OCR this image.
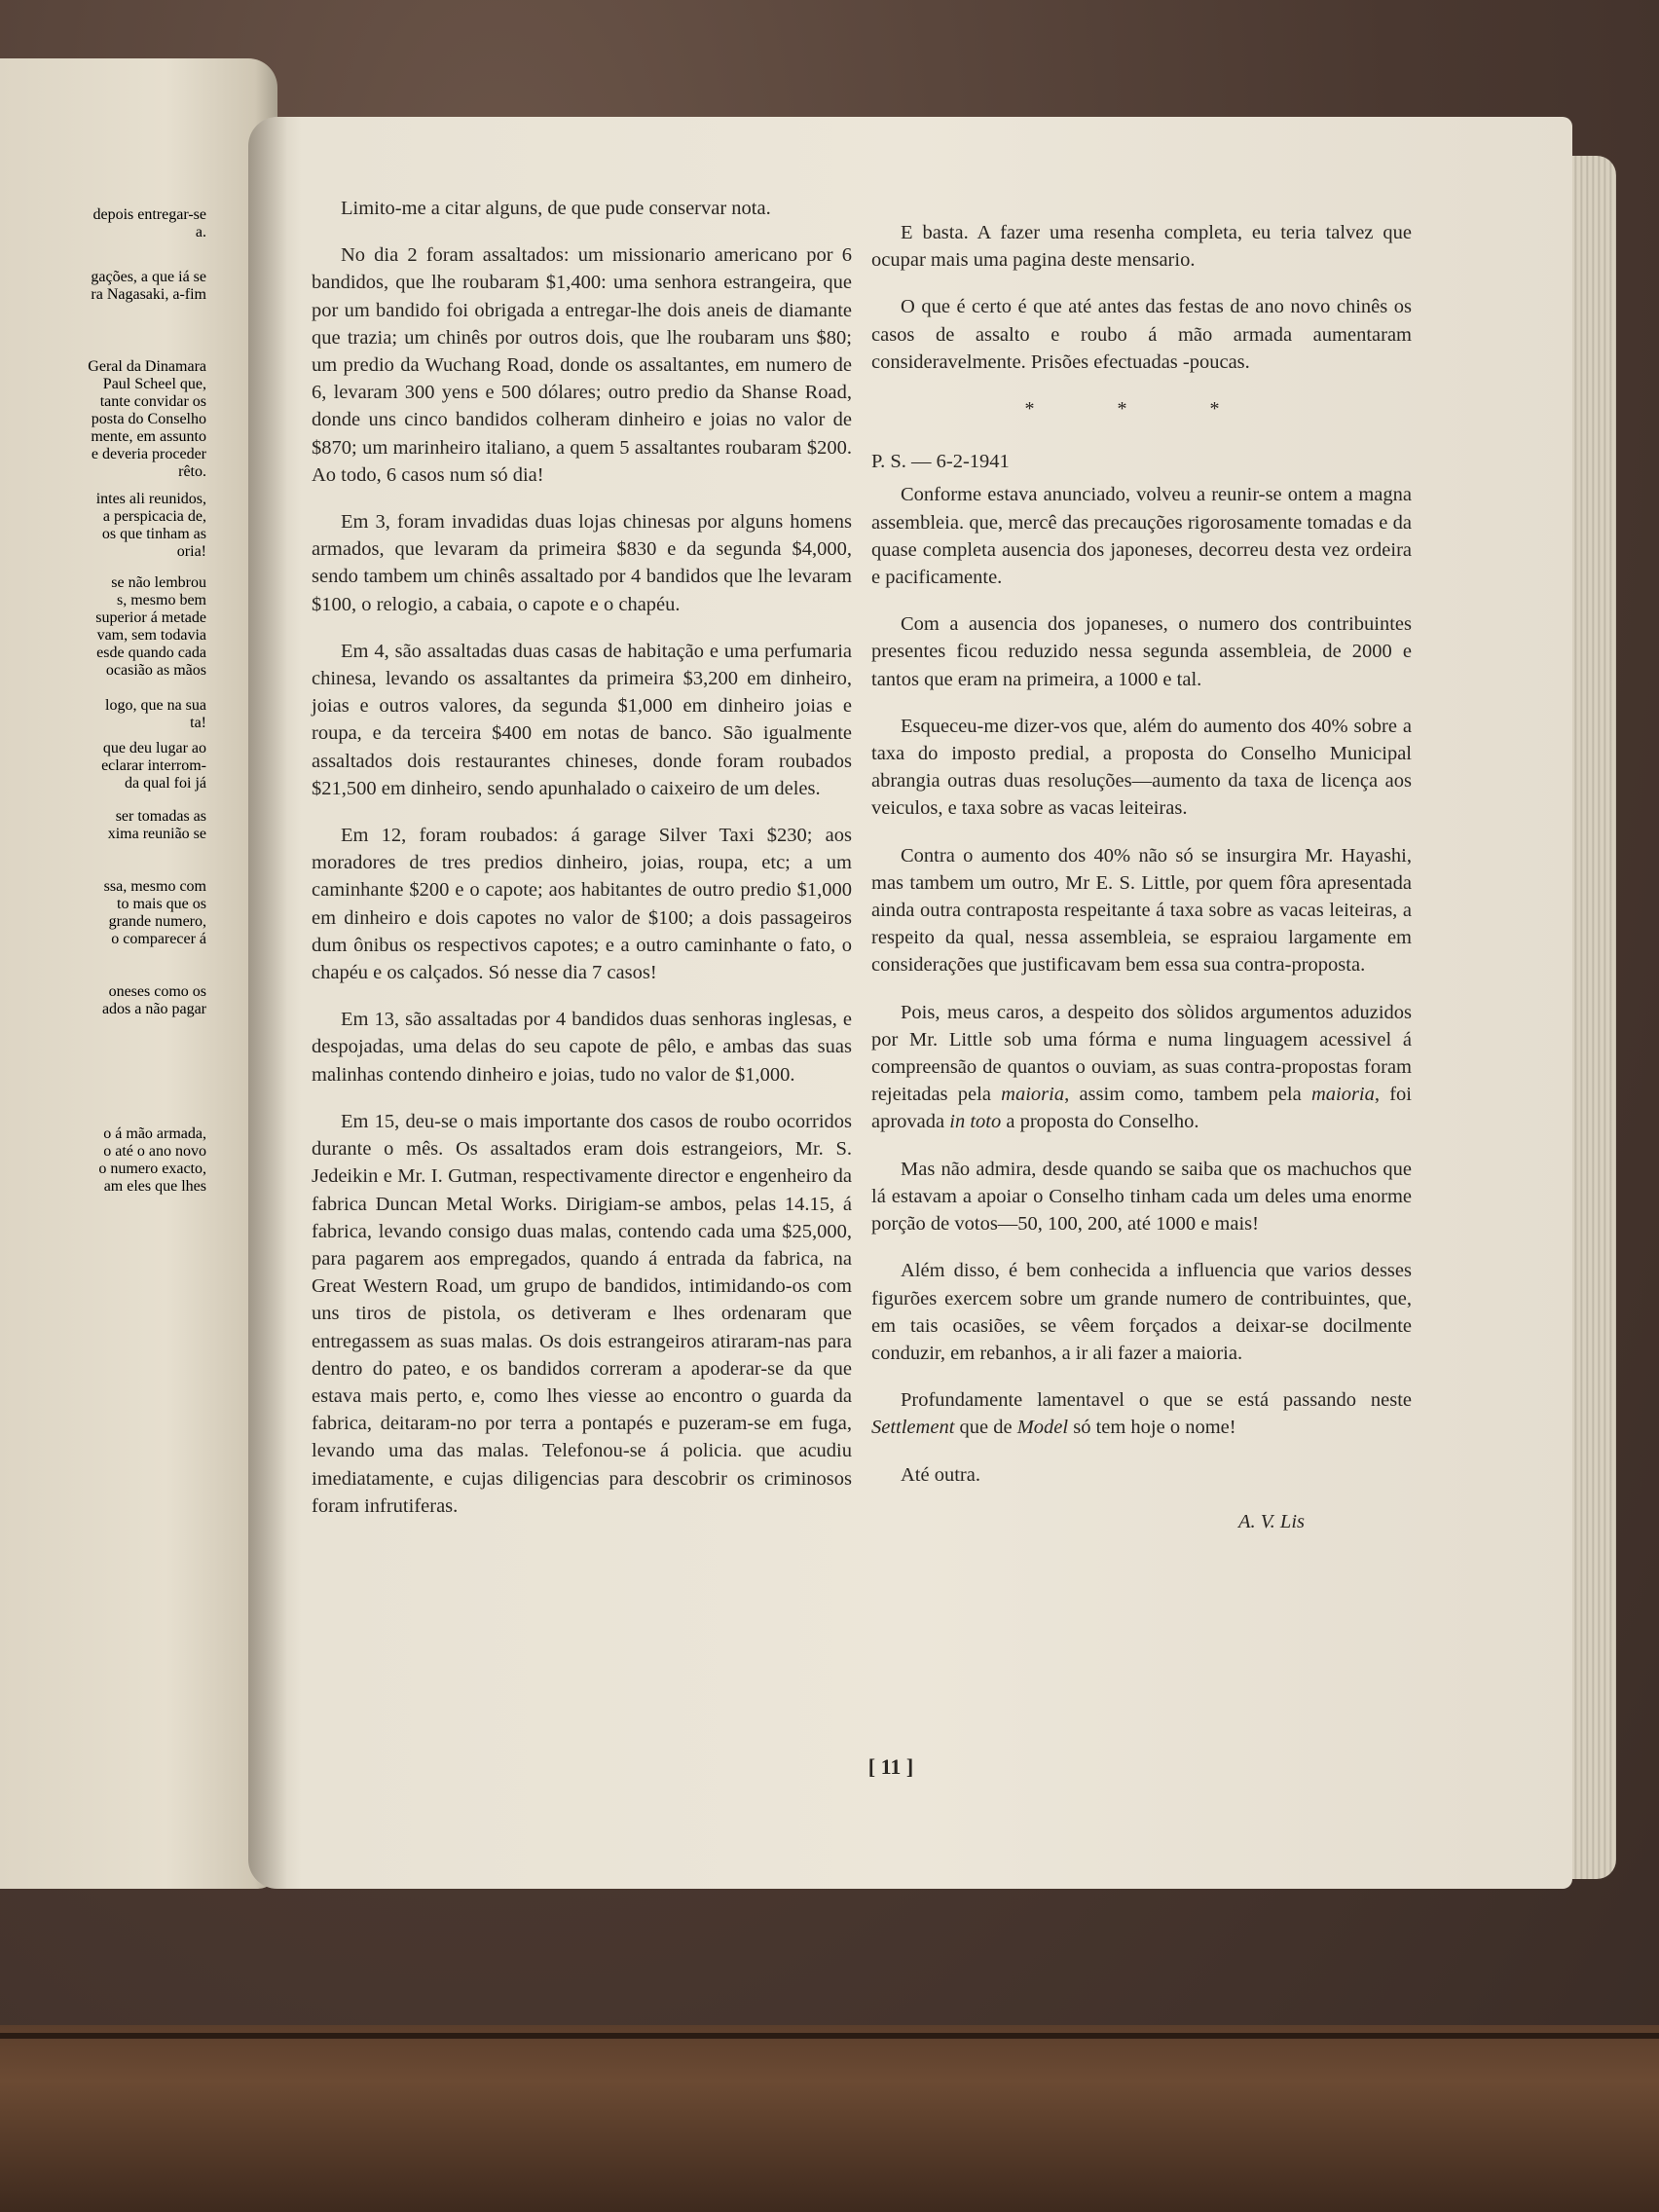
depois entregar-se
a.
gações, a que iá se
ra Nagasaki, a-fim
Geral da Dinamara
Paul Scheel que,
tante convidar os
posta do Conselho
mente, em assunto
e deveria proceder
rêto.
intes ali reunidos,
a perspicacia de,
os que tinham as
oria!
se não lembrou
s, mesmo bem
superior á metade
vam, sem todavia
esde quando cada
ocasião as mãos
logo, que na sua
ta!
que deu lugar ao
eclarar interrom-
da qual foi já
ser tomadas as
xima reunião se
ssa, mesmo com
to mais que os
grande numero,
o comparecer á
oneses como os
ados a não pagar
o á mão armada,
o até o ano novo
o numero exacto,
am eles que lhes

Limito-me a citar alguns, de que pude conservar nota.

No dia 2 foram assaltados: um missionario americano por 6 bandidos, que lhe roubaram $1,400: uma senhora estrangeira, que por um bandido foi obrigada a entregar-lhe dois aneis de diamante que trazia; um chinês por outros dois, que lhe roubaram uns $80; um predio da Wuchang Road, donde os assaltantes, em numero de 6, levaram 300 yens e 500 dólares; outro predio da Shanse Road, donde uns cinco bandidos colheram dinheiro e joias no valor de $870; um marinheiro italiano, a quem 5 assaltantes roubaram $200. Ao todo, 6 casos num só dia!

Em 3, foram invadidas duas lojas chinesas por alguns homens armados, que levaram da primeira $830 e da segunda $4,000, sendo tambem um chinês assaltado por 4 bandidos que lhe levaram $100, o relogio, a cabaia, o capote e o chapéu.

Em 4, são assaltadas duas casas de habitação e uma perfumaria chinesa, levando os assaltantes da primeira $3,200 em dinheiro, joias e outros valores, da segunda $1,000 em dinheiro joias e roupa, e da terceira $400 em notas de banco. São igualmente assaltados dois restaurantes chineses, donde foram roubados $21,500 em dinheiro, sendo apunhalado o caixeiro de um deles.

Em 12, foram roubados: á garage Silver Taxi $230; aos moradores de tres predios dinheiro, joias, roupa, etc; a um caminhante $200 e o capote; aos habitantes de outro predio $1,000 em dinheiro e dois capotes no valor de $100; a dois passageiros dum ônibus os respectivos capotes; e a outro caminhante o fato, o chapéu e os calçados. Só nesse dia 7 casos!

Em 13, são assaltadas por 4 bandidos duas senhoras inglesas, e despojadas, uma delas do seu capote de pêlo, e ambas das suas malinhas contendo dinheiro e joias, tudo no valor de $1,000.

Em 15, deu-se o mais importante dos casos de roubo ocorridos durante o mês. Os assaltados eram dois estrangeiors, Mr. S. Jedeikin e Mr. I. Gutman, respectivamente director e engenheiro da fabrica Duncan Metal Works. Dirigiam-se ambos, pelas 14.15, á fabrica, levando consigo duas malas, contendo cada uma $25,000, para pagarem aos empregados, quando á entrada da fabrica, na Great Western Road, um grupo de bandidos, intimidando-os com uns tiros de pistola, os detiveram e lhes ordenaram que entregassem as suas malas. Os dois estrangeiros atiraram-nas para dentro do pateo, e os bandidos correram a apoderar-se da que estava mais perto, e, como lhes viesse ao encontro o guarda da fabrica, deitaram-no por terra a pontapés e puzeram-se em fuga, levando uma das malas. Telefonou-se á policia. que acudiu imediatamente, e cujas diligencias para descobrir os criminosos foram infrutiferas.

E basta. A fazer uma resenha completa, eu teria talvez que ocupar mais uma pagina deste mensario.

O que é certo é que até antes das festas de ano novo chinês os casos de assalto e roubo á mão armada aumentaram consideravelmente. Prisões efectuadas -poucas.

* * *

P. S. — 6-2-1941

Conforme estava anunciado, volveu a reunir-se ontem a magna assembleia. que, mercê das precauções rigorosamente tomadas e da quase completa ausencia dos japoneses, decorreu desta vez ordeira e pacificamente.

Com a ausencia dos jopaneses, o numero dos contribuintes presentes ficou reduzido nessa segunda assembleia, de 2000 e tantos que eram na primeira, a 1000 e tal.

Esqueceu-me dizer-vos que, além do aumento dos 40% sobre a taxa do imposto predial, a proposta do Conselho Municipal abrangia outras duas resoluções—aumento da taxa de licença aos veiculos, e taxa sobre as vacas leiteiras.

Contra o aumento dos 40% não só se insurgira Mr. Hayashi, mas tambem um outro, Mr E. S. Little, por quem fôra apresentada ainda outra contraposta respeitante á taxa sobre as vacas leiteiras, a respeito da qual, nessa assembleia, se espraiou largamente em considerações que justificavam bem essa sua contra-proposta.

Pois, meus caros, a despeito dos sòlidos argumentos aduzidos por Mr. Little sob uma fórma e numa linguagem acessivel á compreensão de quantos o ouviam, as suas contra-propostas foram rejeitadas pela maioria, assim como, tambem pela maioria, foi aprovada in toto a proposta do Conselho.

Mas não admira, desde quando se saiba que os machuchos que lá estavam a apoiar o Conselho tinham cada um deles uma enorme porção de votos—50, 100, 200, até 1000 e mais!

Além disso, é bem conhecida a influencia que varios desses figurões exercem sobre um grande numero de contribuintes, que, em tais ocasiões, se vêem forçados a deixar-se docilmente conduzir, em rebanhos, a ir ali fazer a maioria.

Profundamente lamentavel o que se está passando neste Settlement que de Model só tem hoje o nome!

Até outra.

A. V. Lis

[ 11 ]
